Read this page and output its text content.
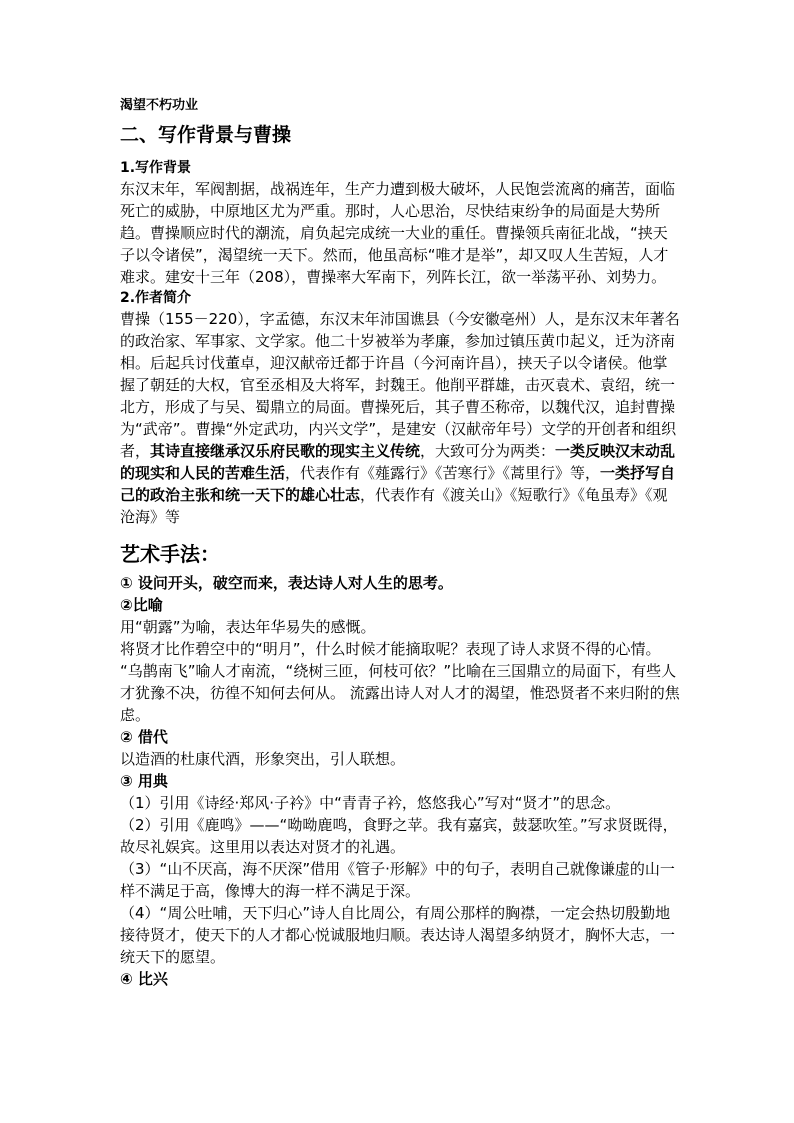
渴望不朽功业

二、写作背景与曹操

1.写作背景

东汉末年，军阀割据，战祸连年，生产力遭到极大破坏，人民饱尝流离的痛苦，面临死亡的威胁，中原地区尤为严重。那时，人心思治，尽快结束纷争的局面是大势所趋。曹操顺应时代的潮流，肩负起完成统一大业的重任。曹操领兵南征北战，“挟天子以令诸侯”，渴望统一天下。然而，他虽高标“唯才是举”，却又叹人生苦短，人才难求。建安十三年（208），曹操率大军南下，列阵长江，欲一举荡平孙、刘势力。

2.作者简介

曹操（155－220），字孟德，东汉末年沛国谯县（今安徽亳州）人，是东汉末年著名的政治家、军事家、文学家。他二十岁被举为孝廉，参加过镇压黄巾起义，迁为济南相。后起兵讨伐董卓，迎汉献帝迁都于许昌（今河南许昌），挟天子以令诸侯。他掌握了朝廷的大权，官至丞相及大将军，封魏王。他削平群雄，击灭袁术、袁绍，统一北方，形成了与吴、蜀鼎立的局面。曹操死后，其子曹丕称帝，以魏代汉，追封曹操为“武帝”。曹操“外定武功，内兴文学”，是建安（汉献帝年号）文学的开创者和组织者，其诗直接继承汉乐府民歌的现实主义传统，大致可分为两类：一类反映汉末动乱的现实和人民的苦难生活，代表作有《薤露行》《苦寒行》《蒿里行》等，一类抒写自己的政治主张和统一天下的雄心壮志，代表作有《渡关山》《短歌行》《龟虽寿》《观沧海》等

艺术手法：

① 设问开头，破空而来，表达诗人对人生的思考。

②比喻

用“朝露”为喻，表达年华易失的感慨。

将贤才比作碧空中的“明月”，什么时候才能摘取呢？表现了诗人求贤不得的心情。

“乌鹊南飞”喻人才南流，“绕树三匝，何枝可依？”比喻在三国鼎立的局面下，有些人才犹豫不决，彷徨不知何去何从。 流露出诗人对人才的渴望，惟恐贤者不来归附的焦虑。

② 借代

以造酒的杜康代酒，形象突出，引人联想。

③ 用典

（1）引用《诗经·郑风·子衿》中“青青子衿，悠悠我心”写对“贤才”的思念。

（2）引用《鹿鸣》——“呦呦鹿鸣，食野之苹。我有嘉宾，鼓瑟吹笙。”写求贤既得，故尽礼娱宾。这里用以表达对贤才的礼遇。

（3）“山不厌高，海不厌深”借用《管子·形解》中的句子，表明自己就像谦虚的山一样不满足于高，像博大的海一样不满足于深。

（4）“周公吐哺，天下归心”诗人自比周公，有周公那样的胸襟，一定会热切殷勤地接待贤才，使天下的人才都心悦诚服地归顺。表达诗人渴望多纳贤才，胸怀大志，一统天下的愿望。

④ 比兴
